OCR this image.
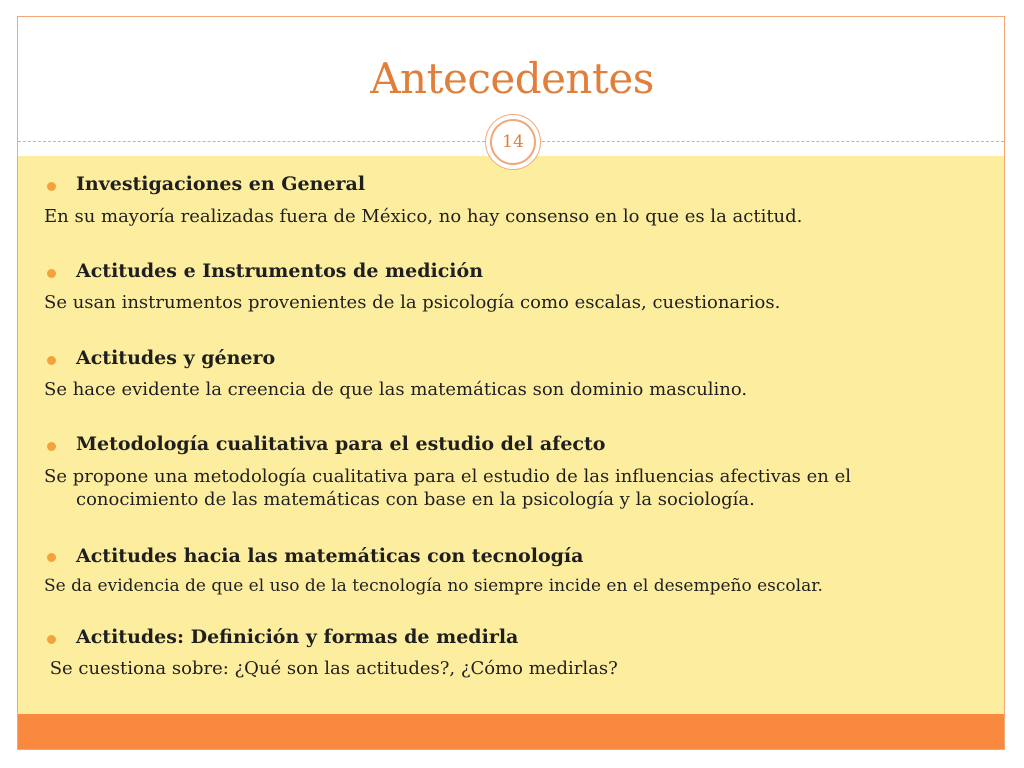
Antecedentes
14
Investigaciones en General
En su mayoría realizadas fuera de México, no hay consenso en lo que es la actitud.
Actitudes e Instrumentos de medición
Se usan instrumentos provenientes de la psicología como escalas, cuestionarios.
Actitudes y género
Se hace evidente la creencia de que las matemáticas son dominio masculino.
Metodología cualitativa para el estudio del afecto
Se propone una metodología cualitativa para el estudio de las influencias afectivas en el
conocimiento de las matemáticas con base en la psicología y la sociología.
Actitudes hacia las matemáticas con tecnología
Se da evidencia de que el uso de la tecnología no siempre incide en el desempeño escolar.
Actitudes: Definición y formas de medirla
Se cuestiona sobre: ¿Qué son las actitudes?, ¿Cómo medirlas?
